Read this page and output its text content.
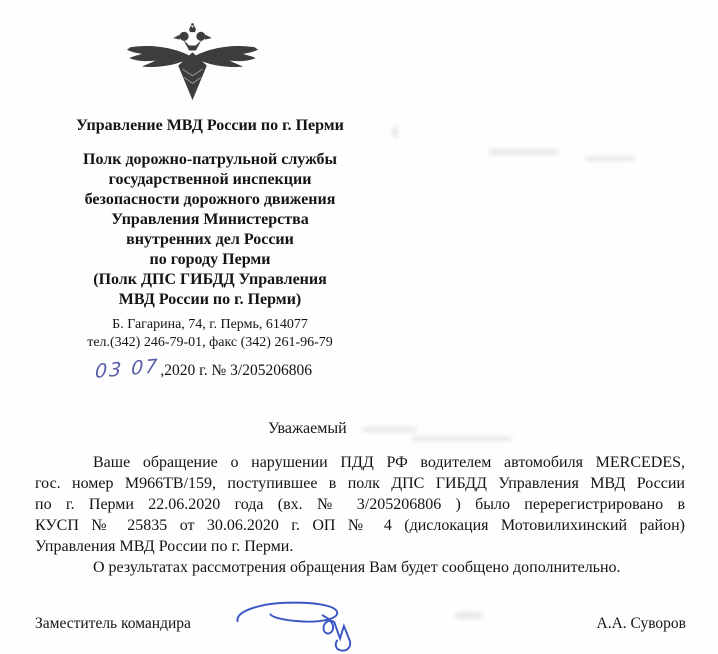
Управление МВД России по г. Перми
Полк дорожно-патрульной службы
государственной инспекции
безопасности дорожного движения
Управления Министерства
внутренних дел России
по городу Перми
(Полк ДПС ГИБДД Управления
МВД России по г. Перми)
Б. Гагарина, 74, г. Пермь, 614077
тел.(342) 246-79-01, факс (342) 261-96-79
03 07,2020 г. № 3/205206806
Уважаемый
Ваше обращение о нарушении ПДД РФ водителем автомобиля MERCEDES,
гос. номер М966ТВ/159, поступившее в полк ДПС ГИБДД Управления МВД России
по г. Перми 22.06.2020 года (вх. № 3/205206806 ) было перерегистрировано в
КУСП № 25835 от 30.06.2020 г. ОП № 4 (дислокация Мотовилихинский район)
Управления МВД России по г. Перми.
О результатах рассмотрения обращения Вам будет сообщено дополнительно.
Заместитель командира	А.А. Суворов
